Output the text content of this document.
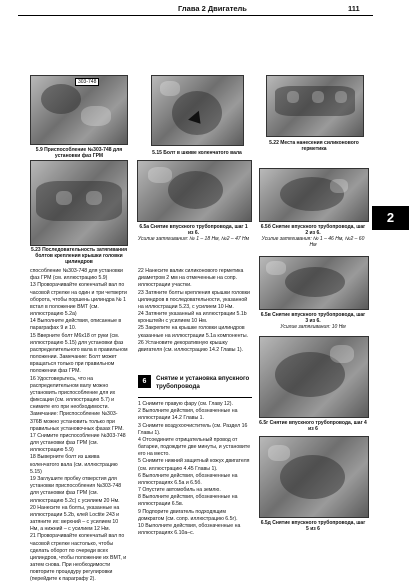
Глава 2 Двигатель	111
303-748
5.9 Приспособление №303-748 для установки фаз ГРМ	5.15 Болт в шкиве коленчатого вала
5.22 Места нанесения силиконового герметика
5.23 Последовательность затягивания болтов крепления крышки головки цилиндров
6.5а Снятие впускного трубопровода, шаг 1 из 6.
Усилие затягивания: № 1 – 18 Нм, №2 – 47 Нм
6.5б Снятие впускного трубопровода, шаг 2 из 6.
Усилие затягивания: № 1 – 46 Нм, №2 – 60 Нм
6.5в Снятие впускного трубопровода, шаг 3 из 6.
Усилие затягивания: 10 Нм
6.5г Снятие впускного трубопровода, шаг 4 из 6
6.5д Снятие впускного трубопровода, шаг 5 из 6

способление №303-748 для установки фаз ГРМ (см. иллюстрацию 5.9)

13 Проворачивайте коленчатый вал по часовой стрелке на один и три четверти оборота, чтобы поршень цилиндра № 1 встал в положение ВМТ (см. иллюстрацию 5.2а)

14 Выполните действия, описанные в параграфах 9 и 10.

15 Вверните болт M6x18 от руки (см. иллюстрацию 5.15) для установки фаз распределительного вала в правильном положении. Замечание: Болт может вращаться только при правильном положении фаз ГРМ.

16 Удостоверьтесь, что на распределительном валу можно установить приспособление для их фиксации (см. иллюстрацию 5.7) и снимите его при необходимости. Замечание: Приспособление №303-376B можно установить только при правильных установочных фазах ГРМ.

17 Снимите приспособление №303-748 для установки фаз ГРМ (см. иллюстрацию 5.9)

18 Выверните болт из шкива коленчатого вала (см. иллюстрацию 5.15)

19 Заглушите пробку отверстия для установки приспособления №303-748 для установки фаз ГРМ (см. иллюстрацию 5.2с) с усилием 20 Нм.

20 Нанесите на болты, указанные на иллюстрации 5.2b, клей Loctite 243 и затяните их: верхний – с усилием 10 Нм, а нижний – с усилием 12 Нм.

21 Проворачивайте коленчатый вал по часовой стрелке настолько, чтобы сделать оборот по очереди всех цилиндров, чтобы положение их ВМТ, и затем снова. При необходимости повторите процедуру регулировки (перейдите к параграфу 2).

22 Нанесите валик силиконового герметика диаметром 2 мм на отмеченные на сопр. иллюстрации участки.

23 Затяните болты крепления крышки головки цилиндров в последовательности, указанной на иллюстрации 5.23, с усилием 10 Нм.

24 Затяните указанный на иллюстрации 5.1b кронштейн с усилием 10 Нм.

25 Закрепите на крышке головки цилиндров указанные на иллюстрации 5.1a компоненты.

26 Установите декоративную крышку двигателя (см. иллюстрацию 14.2 Главы 1).

6	Снятие и установка впускного трубопровода

1 Снимите правую фару (см. Главу 12).

2 Выполните действия, обозначенные на иллюстрации 14.2 Главы 1.

3 Снимите воздухоочиститель (см. Раздел 16 Главы 1).

4 Отсоедините отрицательный провод от батареи, подождите две минуты, и установите его на место.

5 Снимите нижний защитный кожух двигателя (см. иллюстрацию 4.45 Главы 1).

6 Выполните действия, обозначенные на иллюстрациях 6.5а и 6.5б.

7 Опустите автомобиль на землю.

8 Выполните действия, обозначенные на иллюстрации 6.5в.

9 Подпорите двигатель подходящим домкратом (см. сопр. иллюстрацию 6.5г).

10 Выполните действия, обозначенные на иллюстрациях 6.10а–с.

2
